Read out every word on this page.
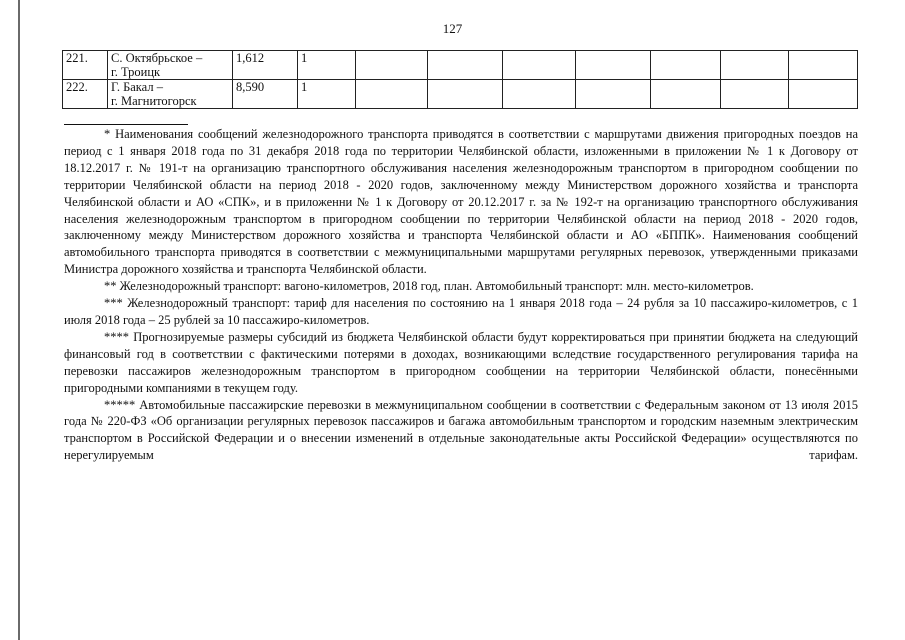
127
221.	С. Октябрьское –
г. Троицк	1,612	1							
222.	Г. Бакал –
г. Магнитогорск	8,590	1							

* Наименования сообщений железнодорожного транспорта приводятся в соответствии с маршрутами движения пригородных поездов на период с 1 января 2018 года по 31 декабря 2018 года по территории Челябинской области, изложенными в приложении № 1 к Договору от 18.12.2017 г. № 191-т на организацию транспортного обслуживания населения железнодорожным транспортом в пригородном сообщении по территории Челябинской области на период 2018 - 2020 годов, заключенному между Министерством дорожного хозяйства и транспорта Челябинской области и АО «СПК», и в приложенни № 1 к Договору от 20.12.2017 г. за № 192-т на организацию транспортного обслуживания населения железнодорожным транспортом в пригородном сообщении по территории Челябинской области на период 2018 - 2020 годов, заключенному между Министерством дорожного хозяйства и транспорта Челябинской области и АО «БППК». Наименования сообщений автомобильного транспорта приводятся в соответствии с межмуниципальными маршрутами регулярных перевозок, утвержденными приказами Министра дорожного хозяйства и транспорта Челябинской области.

** Железнодорожный транспорт: вагоно-километров, 2018 год, план. Автомобильный транспорт: млн. место-километров.

*** Железнодорожный транспорт: тариф для населения по состоянию на 1 января 2018 года – 24 рубля за 10 пассажиро-километров, с 1 июля 2018 года – 25 рублей за 10 пассажиро-километров.

**** Прогнозируемые размеры субсидий из бюджета Челябинской области будут корректироваться при принятии бюджета на следующий финансовый год в соответствии с фактическими потерями в доходах, возникающими вследствие государственного регулирования тарифа на перевозки пассажиров железнодорожным транспортом в пригородном сообщении на территории Челябинской области, понесёнными пригородными компаниями в текущем году.

***** Автомобильные пассажирские перевозки в межмуниципальном сообщении в соответствии с Федеральным законом от 13 июля 2015 года № 220-ФЗ «Об организации регулярных перевозок пассажиров и багажа автомобильным транспортом и городским наземным электрическим транспортом в Российской Федерации и о внесении изменений в отдельные законодательные акты Российской Федерации» осуществляются по нерегулируемым тарифам.
